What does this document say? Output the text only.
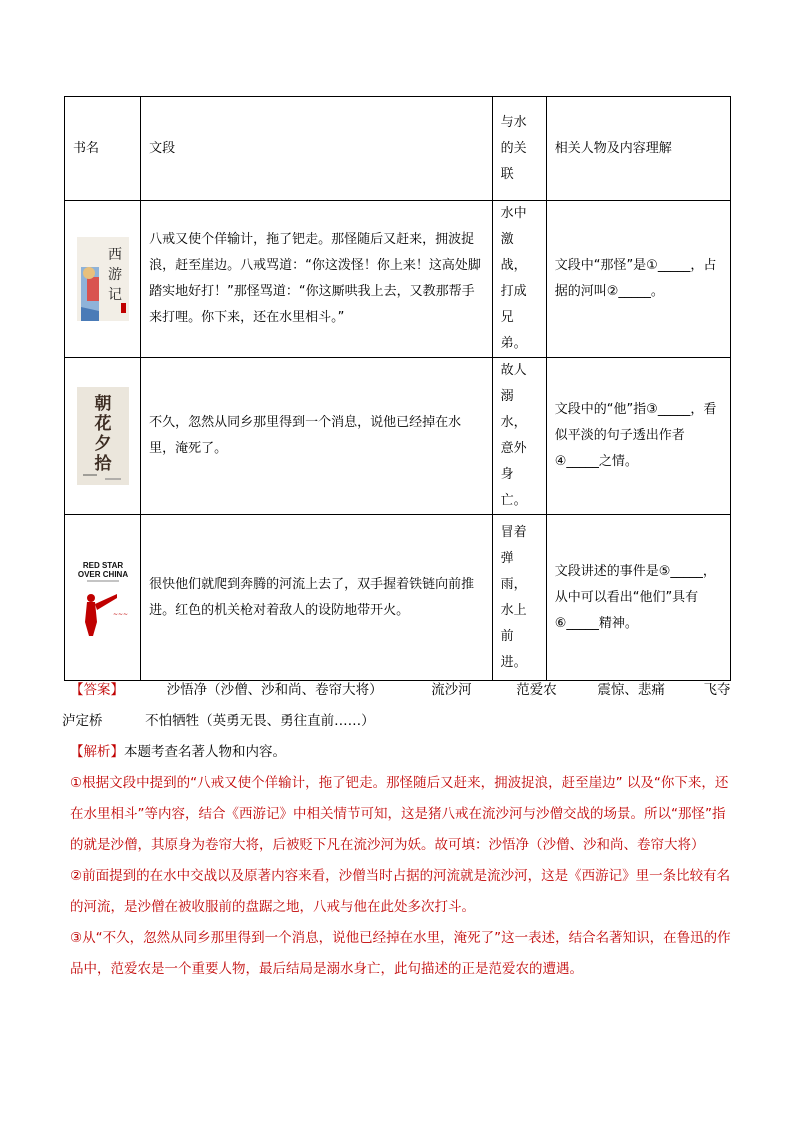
书名	文段	与水的关联	相关人物及内容理解

西
游
记	八戒又使个佯输计，拖了钯走。那怪随后又赶来，拥波捉浪，赶至崖边。八戒骂道：“你这泼怪！你上来！这高处脚踏实地好打！”那怪骂道：“你这厮哄我上去，又教那帮手来打哩。你下来，还在水里相斗。”	水中激战，打成兄弟。	文段中“那怪”是①_____，占据的河叫②_____。

朝
花
夕
拾	不久，忽然从同乡那里得到一个消息，说他已经掉在水里，淹死了。	故人溺水，意外身亡。	文段中的“他”指③_____，看似平淡的句子透出作者④_____之情。

RED STAR
OVER CHINA
~~~	很快他们就爬到奔腾的河流上去了，双手握着铁链向前推进。红色的机关枪对着敌人的设防地带开火。	冒着弹雨，水上前进。	文段讲述的事件是⑤_____，从中可以看出“他们”具有⑥_____精神。

【答案】	沙悟净（沙僧、沙和尚、卷帘大将）	流沙河	范爱农	震惊、悲痛	飞夺

泸定桥	不怕牺牲（英勇无畏、勇往直前……）

【解析】本题考查名著人物和内容。

①根据文段中提到的“八戒又使个佯输计，拖了钯走。那怪随后又赶来，拥波捉浪，赶至崖边” 以及“你下来，还在水里相斗”等内容，结合《西游记》中相关情节可知，这是猪八戒在流沙河与沙僧交战的场景。所以“那怪”指的就是沙僧，其原身为卷帘大将，后被贬下凡在流沙河为妖。故可填：沙悟净（沙僧、沙和尚、卷帘大将）

②前面提到的在水中交战以及原著内容来看，沙僧当时占据的河流就是流沙河，这是《西游记》里一条比较有名的河流，是沙僧在被收服前的盘踞之地，八戒与他在此处多次打斗。

③从“不久，忽然从同乡那里得到一个消息，说他已经掉在水里，淹死了”这一表述，结合名著知识，在鲁迅的作品中，范爱农是一个重要人物，最后结局是溺水身亡，此句描述的正是范爱农的遭遇。
